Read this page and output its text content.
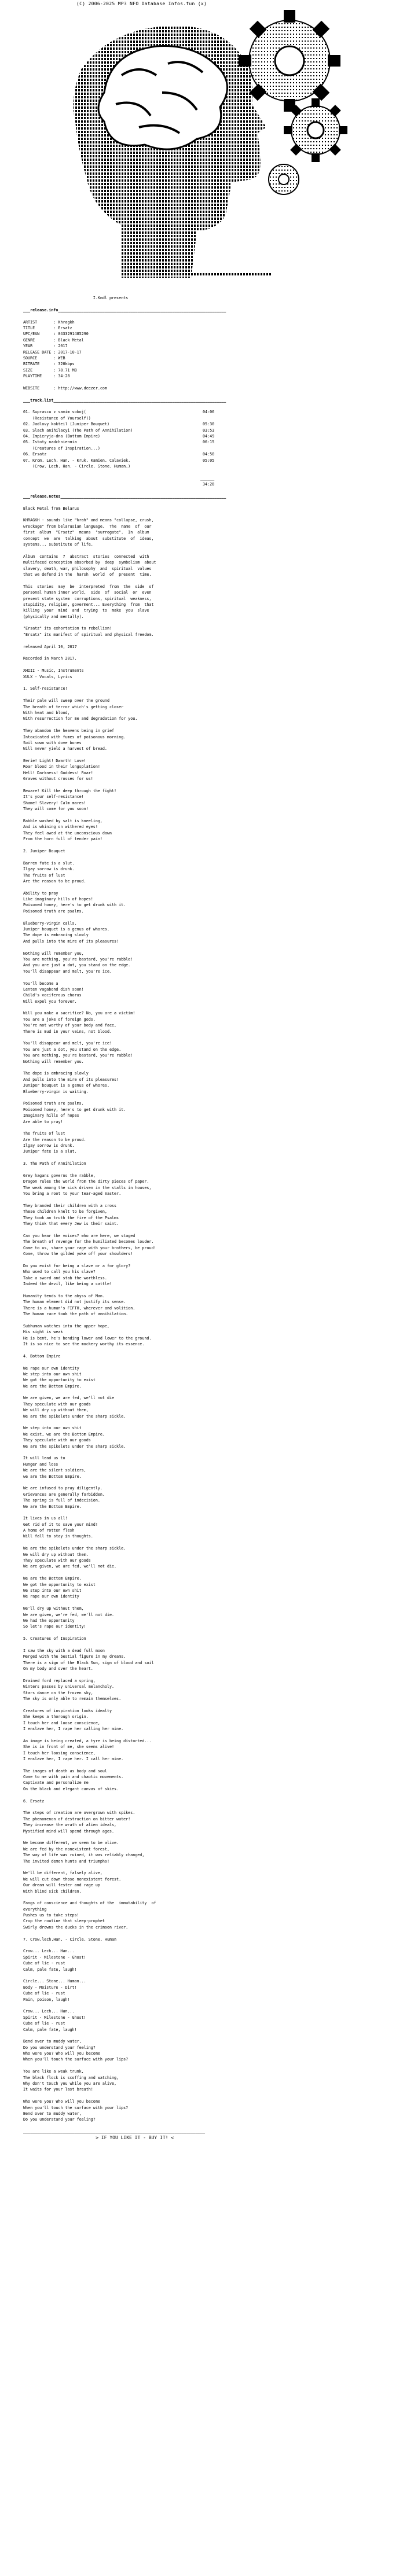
(C) 2006-2025 MP3 NFO Database Infos.fun (x)
I.Kndl presents

___release.info________________________________________________________________________

ARTIST       : Khragkh
TITLE        : Ersatz
UPC/EAN      : 0433291485290
GENRE        : Black Metal
YEAR         : 2017
RELEASE DATE : 2017-10-17
SOURCE       : WEB
BITRATE      : 320kbps
SIZE         : 78.71 MB
PLAYTIME     : 34:28

WEBSITE      : http://www.deezer.com

___track.list__________________________________________________________________________

01. Suprascu z samim soboj(                                                  04:06
(Resistance of Yourself))
02. Jadlovy kokteil (Juniper Bouquet)                                        05:30
03. Slach anihilacyi (The Path of Annihilation)                              03:53
04. Impieryja-dna (Bottom Empire)                                            04:49
05. Istoty nadchnieннia                                                      06:15
(Creatures of Inspiration...)
06. Ersatz                                                                   04:50
07. Krom. Lech. Han. - Kruk. Kamien. Calaviek.                               05:05
(Crow. Lech. Han. - Circle. Stone. Human.)

______
34:28

___release.notes_______________________________________________________________________

Black Metal from Belarus

KHRAGKH - sounds like "krah" and means "collapse, crush,
wreckage" from belarusian language.  The  name  of  our
first  album  "Ersatz"  means  "surrogate".  In  album
concept  we  are  talking  about  substitute  of  ideas,
systems... substitute of life.

Album  contains  7  abstract  stories  connected  with
multifaced conception absorbed by  deep  symbolism  about
slavery, death, war, philosophy  and  spiritual  values
that we defend in the  harsh  world  of  present  time.

This  stories  may  be  interpreted  from  the  side  of
personal human inner world,  side  of  social  or  even
present state system  corruptions, spiritual  weakness,
stupidity, religion, goverment... Everything  from  that
killing  your  mind  and  trying  to  make  you  slave
(physically and mentally).

"Ersatz" its exhortation to rebellion!
"Ersatz" its manifest of spiritual and physical freedom.

released April 10, 2017

Recorded in March 2017.

XHIII - Music, Instruments
XULX - Vocals, Lyrics

1. Self-resistance!

Their pale will sweep over the ground
The breath of terror which's getting closer
With heat and blood,
With resurrection for me and degradation for you.

They abandon the heavens being in grief
Intoxicated with fumes of poisonous morning.
Soil sown with dove bones
Will never yield a harvest of bread.

Eerie! Light! Dwarth! Love!
Roar blood in their longsplation!
Hell! Darkness! Goddess! Roar!
Graves without crosses for us!

Beware! Kill the deep through the fight!
It's your self-resistance!
Shame! Slavery! Calm mares!
They will come for you soon!

Rabble washed by salt is kneeling,
And is whining on withered eyes!
They feel awed at the unconscious dawn
From the horn full of tender pain!

2. Juniper Bouquet

Barren fate is a slut.
Ilgay sorrow is drunk.
The fruits of lust
Are the reason to be proud.

Ability to pray
Like imaginary hills of hopes!
Poisoned honey, here's to get drunk with it.
Poisoned truth are psalms.

Blueberry-virgin calls.
Juniper bouquet is a genus of whores.
The dope is embracing slowly
And pulls into the mire of its pleasures!

Nothing will remember you,
You are nothing, you're bastard, you're rabble!
And you are just a dot, you stand on the edge.
You'll disappear and melt, you're ice.

You'll become a
Lenten vagabond dish soon!
Child's vociferous chorus
Will expel you forever.

Will you make a sacrifice? No, you are a victim!
You are a joke of foreign gods.
You're not worthy of your body and face,
There is mud in your veins, not blood.

You'll disappear and melt, you're ice!
You are just a dot, you stand on the edge.
You are nothing, you're bastard, you're rabble!
Nothing will remember you.

The dope is embracing slowly
And pulls into the mire of its pleasures!
Juniper bouquet is a genus of whores.
Blueberry-virgin is waiting.

Poisoned truth are psalms.
Poisoned honey, here's to get drunk with it.
Imaginary hills of hopes
Are able to pray!

The fruits of lust
Are the reason to be proud.
Ilgay sorrow is drunk.
Juniper fate is a slut.

3. The Path of Annihilation

Grey hagans governs the rabble,
Dragon rules the world from the dirty pieces of paper.
The weak among the sick driven in the stalls in houses,
You bring a root to your tear-aged master.

They branded their children with a cross
These children knelt to be forgiven,
They took an truth the fire of the Psalms
They think that every Jew is their saint.

Can you hear the voices? who are here, we staged
The breath of revenge for the humiliated becomes louder.
Come to us, share your rage with your brothers, be proud!
Come, throw the gilded yoke off your shoulders!

Do you exist for being a slave or a for glory?
Who used to call you his slave?
Take a sword and stab the worthless.
Indeed the devil, like being a cattle!

Humanity tends to the abyss of Man.
The human element did not justify its sense.
There is a human's FIFTH, wherever and volition.
The human race took the path of annihilation.

Subhuman watches into the upper hope,
His sight is weak
He is bent, he's bending lower and lower to the ground.
It is so nice to see the mockery worthy its essence.

4. Bottom Empire

We rape our own identity
We step into our own shit
We got the opportunity to exist
We are the Bottom Empire.

We are given, we are fed, we'll not die
They speculate with our goods
We will dry up without them,
We are the spikelets under the sharp sickle.

We step into our own shit
We exist, we are the Bottom Empire.
They speculate with our goods
We are the spikelets under the sharp sickle.

It will lead us to
Hunger and loss
We are the silent soldiers,
we are the Bottom Empire.

We are infused to pray diligently.
Grievances are generally forbidden.
The spring is full of indecision.
We are the Bottom Empire.

It lives in us all!
Get rid of it to save your mind!
A home of rotten flesh
Will fall to stay in thoughts.

We are the spikelets under the sharp sickle.
We will dry up without them.
They speculate with our goods
We are given, we are fed, we'll not die.

We are the Bottom Empire.
We got the opportunity to exist
We step into our own shit
We rape our own identity

We'll dry up without them,
We are given, we're fed, we'll not die.
We had the opportunity
So let's rape our identity!

5. Creatures of Inspiration

I saw the sky with a dead full moon
Merged with the bestial figure in my dreams.
There is a sign of the Black Sun, sign of blood and soil
On my body and over the heart.

Drained ford replaced a spring,
Winters passes by universal melancholy.
Stars dance on the frozen sky,
The sky is only able to remain themselves.

Creatures of inspiration looks idealty
She keeps a thorough origin.
I touch her and loose conscience,
I enslave her, I rape her calling her mine.

An image is being created, a tyre is being distorted...
She is in front of me, she seems alive!
I touch her loosing conscience,
I enslave her, I rape her. I call her mine.

The images of death as body and soul
Come to me with pain and chaotic movements.
Captivate and personalize me
On the black and elegant canvas of skies.

6. Ersatz

The steps of creation are overgrown with spikes.
The phenomenon of destruction on bitter water!
They increase the wrath of alien ideals,
Mystified mind will spend through ages.

We become different, we seem to be alive.
We are fed by the nonexistent forest,
The way of life was ruined, it was reliably changed,
The invited demon hunts and triumphs!

We'll be different, falsely alive,
We will cut down those nonexistent forest.
Our dream will fester and rage up
With blind sick children.

Fangs of conscience and thoughts of the  immutability  of
everything
Pushes us to take steps!
Crop the routine that sleep-prophet
Swirly drowns the ducks in the crimson river.

7. Crow.lech.Han. - Circle. Stone. Human

Crow... Lech... Han...
Spirit - Milestone - Ghost!
Cube of lie - rust
Calm, pale fate, laugh!

Circle... Stone... Human...
Body - Moisture - Dirt!
Cube of lie - rust
Pain, poison, laugh!

Crow... Lech... Han...
Spirit - Milestone - Ghost!
Cube of lie - rust
Calm, pale fate, laugh!

Bend over to muddy water,
Do you understand your feeling?
Who were you? Who will you become
When you'll touch the surface with your lips?

You are like a weak trunk,
The black flock is scoffing and watching,
Why don't touch you while you are alive,
It waits for your last breath!

Who were you? Who will you become
When you'll touch the surface with your lips?
Bend over to muddy water,
Do you understand your feeling?

______________________________________________________________________________
> IF YOU LIKE IT - BUY IT! <
